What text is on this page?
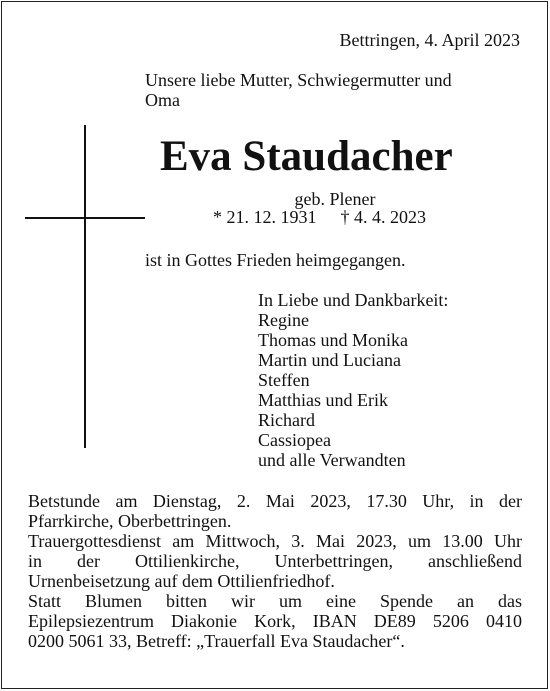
Bettringen, 4. April 2023
Unsere liebe Mutter, Schwiegermutter und
Oma
Eva Staudacher
geb. Plener
* 21. 12. 1931 † 4. 4. 2023
ist in Gottes Frieden heimgegangen.
In Liebe und Dankbarkeit:
Regine
Thomas und Monika
Martin und Luciana
Steffen
Matthias und Erik
Richard
Cassiopea
und alle Verwandten
Betstunde am Dienstag, 2. Mai 2023, 17.30 Uhr, in der
Pfarrkirche, Oberbettringen.
Trauergottesdienst am Mittwoch, 3. Mai 2023, um 13.00 Uhr
in der Ottilienkirche, Unterbettringen, anschließend
Urnenbeisetzung auf dem Ottilienfriedhof.
Statt Blumen bitten wir um eine Spende an das
Epilepsiezentrum Diakonie Kork, IBAN DE89 5206 0410
0200 5061 33, Betreff: „Trauerfall Eva Staudacher“.
